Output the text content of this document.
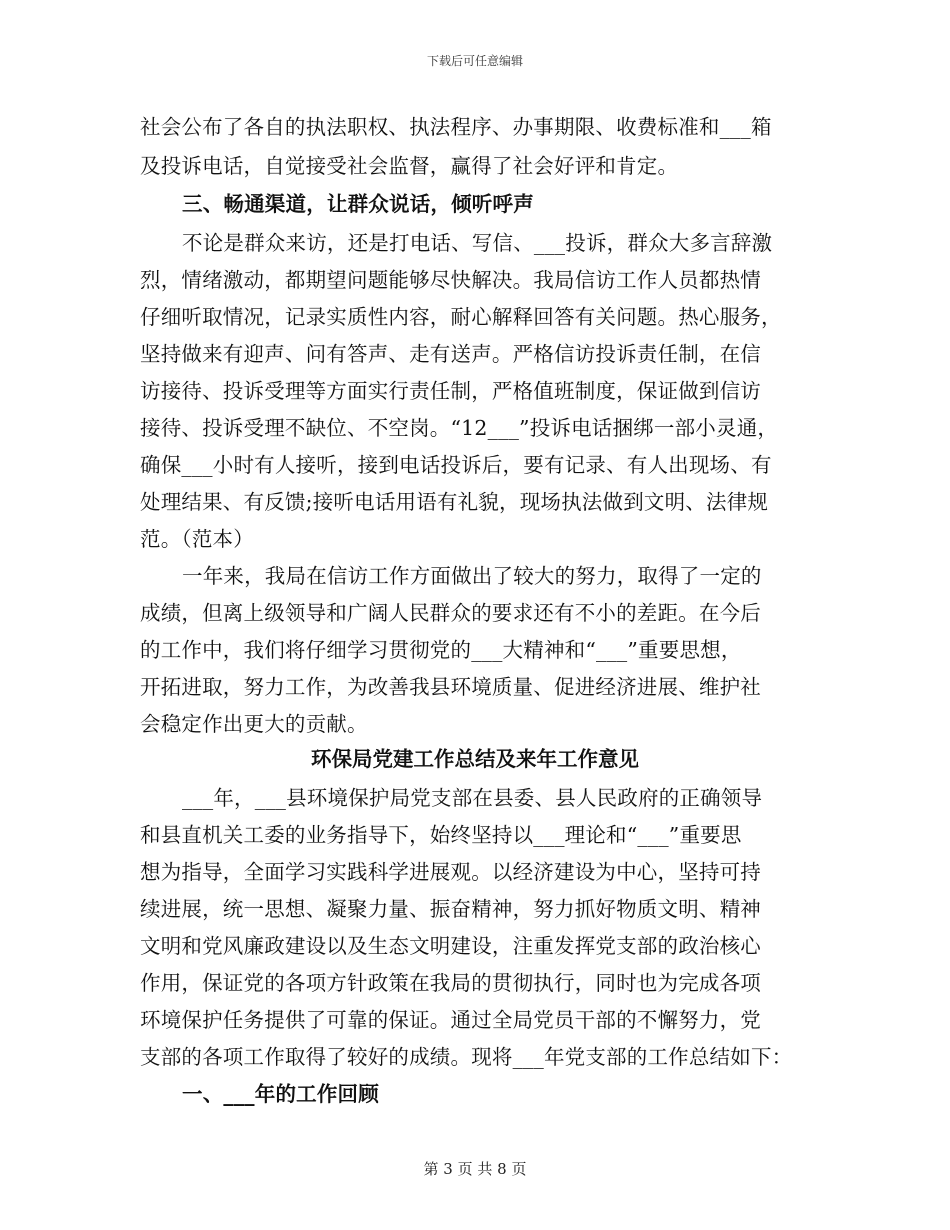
下载后可任意编辑
社会公布了各自的执法职权、执法程序、办事期限、收费标准和___箱
及投诉电话，自觉接受社会监督，赢得了社会好评和肯定。
三、畅通渠道，让群众说话，倾听呼声
不论是群众来访，还是打电话、写信、___投诉，群众大多言辞激
烈，情绪激动，都期望问题能够尽快解决。我局信访工作人员都热情
仔细听取情况，记录实质性内容，耐心解释回答有关问题。热心服务，
坚持做来有迎声、问有答声、走有送声。严格信访投诉责任制，在信
访接待、投诉受理等方面实行责任制，严格值班制度，保证做到信访
接待、投诉受理不缺位、不空岗。“12___”投诉电话捆绑一部小灵通，
确保___小时有人接听，接到电话投诉后，要有记录、有人出现场、有
处理结果、有反馈;接听电话用语有礼貌，现场执法做到文明、法律规
范。（范本）
一年来，我局在信访工作方面做出了较大的努力，取得了一定的
成绩，但离上级领导和广阔人民群众的要求还有不小的差距。在今后
的工作中，我们将仔细学习贯彻党的___大精神和“___”重要思想，
开拓进取，努力工作，为改善我县环境质量、促进经济进展、维护社
会稳定作出更大的贡献。
环保局党建工作总结及来年工作意见
___年，___县环境保护局党支部在县委、县人民政府的正确领导
和县直机关工委的业务指导下，始终坚持以___理论和“___”重要思
想为指导，全面学习实践科学进展观。以经济建设为中心，坚持可持
续进展，统一思想、凝聚力量、振奋精神，努力抓好物质文明、精神
文明和党风廉政建设以及生态文明建设，注重发挥党支部的政治核心
作用，保证党的各项方针政策在我局的贯彻执行，同时也为完成各项
环境保护任务提供了可靠的保证。通过全局党员干部的不懈努力，党
支部的各项工作取得了较好的成绩。现将___年党支部的工作总结如下：
一、___年的工作回顾
第 3 页 共 8 页
